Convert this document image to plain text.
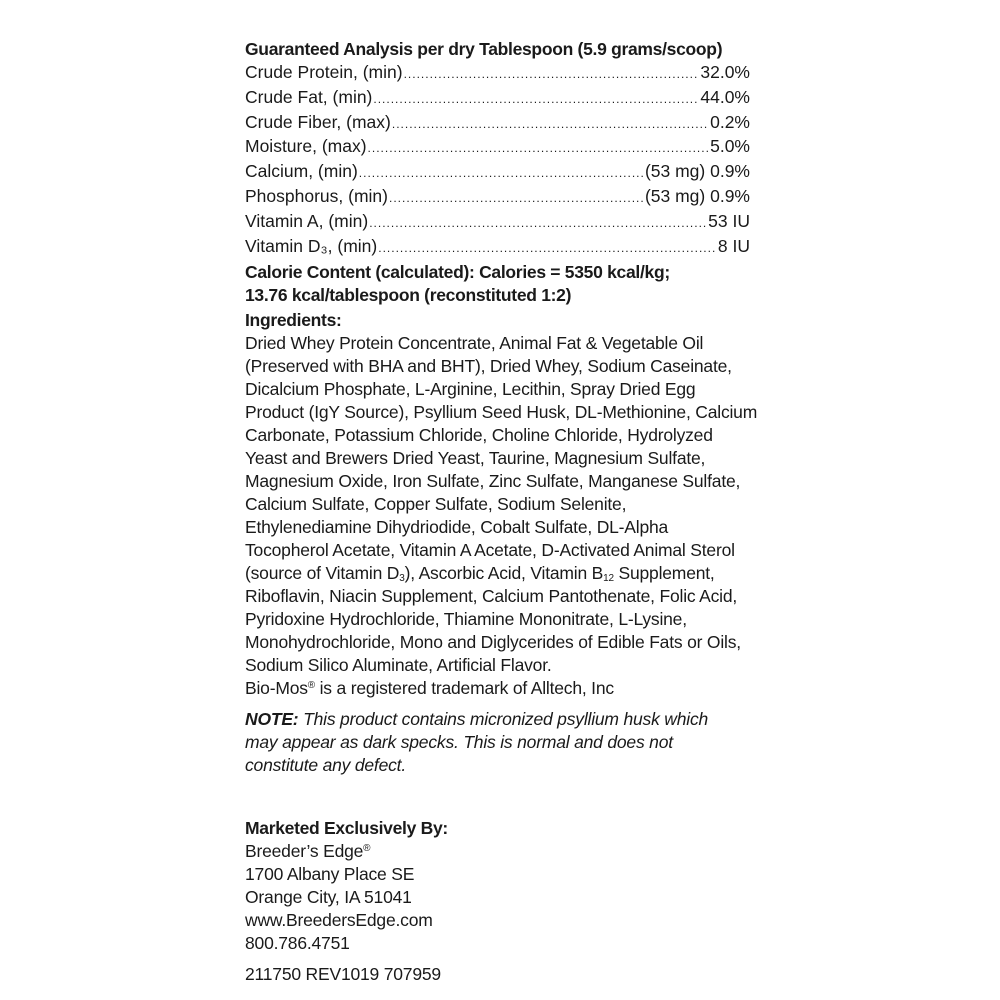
Guaranteed Analysis per dry Tablespoon (5.9 grams/scoop)
Crude Protein, (min) .....	32.0%
Crude Fat, (min) .....	44.0%
Crude Fiber, (max) .....	0.2%
Moisture, (max) .....	5.0%
Calcium, (min) .....	(53 mg) 0.9%
Phosphorus, (min) .....	(53 mg) 0.9%
Vitamin A, (min) .....	53 IU
Vitamin D₃, (min) .....	8 IU
Calorie Content (calculated): Calories = 5350 kcal/kg;
13.76 kcal/tablespoon (reconstituted 1:2)
Ingredients:
Dried Whey Protein Concentrate, Animal Fat & Vegetable Oil
(Preserved with BHA and BHT), Dried Whey, Sodium Caseinate,
Dicalcium Phosphate, L-Arginine, Lecithin, Spray Dried Egg
Product (IgY Source), Psyllium Seed Husk, DL-Methionine, Calcium
Carbonate, Potassium Chloride, Choline Chloride, Hydrolyzed
Yeast and Brewers Dried Yeast, Taurine, Magnesium Sulfate,
Magnesium Oxide, Iron Sulfate, Zinc Sulfate, Manganese Sulfate,
Calcium Sulfate, Copper Sulfate, Sodium Selenite,
Ethylenediamine Dihydriodide, Cobalt Sulfate, DL-Alpha
Tocopherol Acetate, Vitamin A Acetate, D-Activated Animal Sterol
(source of Vitamin $D_3$), Ascorbic Acid, Vitamin $B_{12}$ Supplement,
Riboflavin, Niacin Supplement, Calcium Pantothenate, Folic Acid,
Pyridoxine Hydrochloride, Thiamine Mononitrate, L-Lysine,
Monohydrochloride, Mono and Diglycerides of Edible Fats or Oils,
Sodium Silico Aluminate, Artificial Flavor.
Bio-Mos® is a registered trademark of Alltech, Inc
NOTE: This product contains micronized psyllium husk which
may appear as dark specks. This is normal and does not
constitute any defect.
Marketed Exclusively By:
Breeder’s Edge®
1700 Albany Place SE
Orange City, IA 51041
www.BreedersEdge.com
800.786.4751
211750 REV1019 707959
